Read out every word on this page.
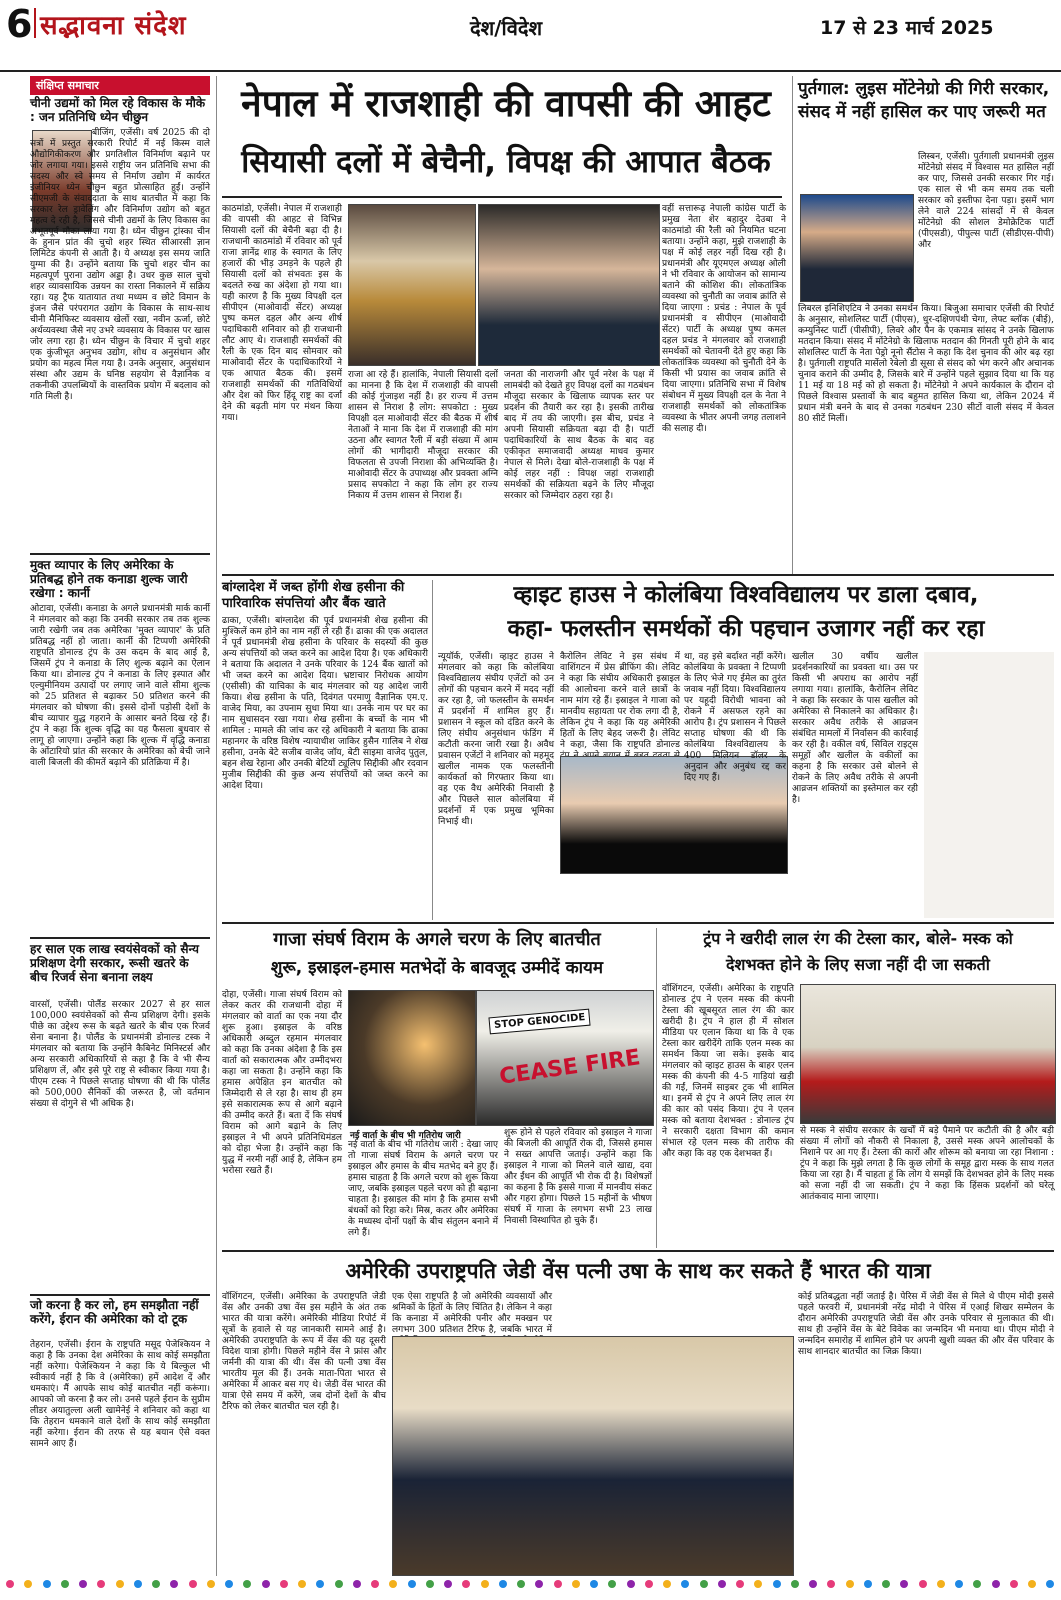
6 सद्भावना संदेश	देश/विदेश	17 से 23 मार्च 2025
संक्षिप्त समाचार
चीनी उद्यमों को मिल रहे विकास के मौके : जन प्रतिनिधि ध्येन चीछुन
बीजिंग, एजेंसी। वर्ष 2025 की दो सत्रों में प्रस्तुत सरकारी रिपोर्ट में नई किस्म वाले औद्योगिकीकरण और प्रगतिशील विनिर्माण बढ़ाने पर जोर लगाया गया। इससे राष्ट्रीय जन प्रतिनिधि सभा की सदस्य और स्वे समय से निर्माण उद्योग में कार्यरत इंजीनियर ध्येन चीछुन बहुत प्रोत्साहित हुईं। उन्होंने सीएमजी के संवाददाता के साथ बातचीत में कहा कि सरकार रेल ड्रावेलिंग और विनिर्माण उद्योग को बहुत महत्व दे रही है, जिससे चीनी उद्यमों के लिए विकास का अभूतपूर्व मौका लाया गया है। ध्येन चीछुन ट्रांस्का चीन के हुनान प्रांत की चुचो शहर स्थित सीआरसी ज्ञान लिमिटेड कंपनी से आती है। ये अध्यक्ष इस समय जाति युग्मा की है। उन्होंने बताया कि चुचो शहर चीन का महत्वपूर्ण पुराना उद्योग अड्डा है। उधर कुछ साल चुचो शहर व्यावसायिक उन्नयन का रास्ता निकालने में सक्रिय रहा। यह ट्रैफ यातायात तथा मध्यम व छोटे विमान के इंजन जैसे परंपरागत उद्योग के विकास के साथ-साथ चीनी मैनिफिस्ट व्यवसाय खेलों रखा, नवीन ऊर्जा, छोटे अर्थव्यवस्था जैसे नए उभरे व्यवसाय के विकास पर खास जोर लगा रहा है। ध्येन चीछुन के विचार में चुचो शहर एक कुंजीभूत अनुभव उद्योग, शोध व अनुसंधान और प्रयोग का महत्व मिल गया है। उनके अनुसार, अनुसंधान संस्था और उद्यम के घनिष्ठ सहयोग से वैज्ञानिक व तकनीकी उपलब्धियों के वास्तविक प्रयोग में बदलाव को गति मिली है।
मुक्त व्यापार के लिए अमेरिका के प्रतिबद्ध होने तक कनाडा शुल्क जारी रखेगा : कार्नी
ओटावा, एजेंसी। कनाडा के अगले प्रधानमंत्री मार्क कार्नी ने मंगलवार को कहा कि उनकी सरकार तब तक शुल्क जारी रखेगी जब तक अमेरिका 'मुक्त व्यापार' के प्रति प्रतिबद्ध नहीं हो जाता। कार्नी की टिप्पणी अमेरिकी राष्ट्रपति डोनाल्ड ट्रंप के उस कदम के बाद आई है, जिसमें ट्रंप ने कनाडा के लिए शुल्क बढ़ाने का ऐलान किया था। डोनाल्ड ट्रंप ने कनाडा के लिए इस्पात और एल्युमीनियम उत्पादों पर लगाए जाने वाले सीमा शुल्क को 25 प्रतिशत से बढ़ाकर 50 प्रतिशत करने की मंगलवार को घोषणा की। इससे दोनों पड़ोसी देशों के बीच व्यापार युद्ध गहराने के आसार बनते दिख रहे हैं। ट्रंप ने कहा कि शुल्क वृद्धि का यह फैसला बुधवार से लागू हो जाएगा। उन्होंने कहा कि शुल्क में वृद्धि कनाडा के ओंटारियो प्रांत की सरकार के अमेरिका को बेची जाने वाली बिजली की कीमतें बढ़ाने की प्रतिक्रिया में है।
हर साल एक लाख स्वयंसेवकों को सैन्य प्रशिक्षण देगी सरकार, रूसी खतरे के बीच रिजर्व सेना बनाना लक्ष्य
वारसॉ, एजेंसी। पोलैंड सरकार 2027 से हर साल 100,000 स्वयंसेवकों को सैन्य प्रशिक्षण देगी। इसके पीछे का उद्देश्य रूस के बढ़ते खतरे के बीच एक रिजर्व सेना बनाना है। पोलैंड के प्रधानमंत्री डोनाल्ड टस्क ने मंगलवार को बताया कि उन्होंने कैबिनेट मिनिस्टर्स और अन्य सरकारी अधिकारियों से कहा है कि वे भी सैन्य प्रशिक्षण लें, और इसे पूरे राष्ट्र से स्वीकार किया गया है। पीएम टस्क ने पिछले सप्ताह घोषणा की थी कि पोलैंड को 500,000 सैनिकों की जरूरत है, जो वर्तमान संख्या से दोगुने से भी अधिक है।
जो करना है कर लो, हम समझौता नहीं करेंगे, ईरान की अमेरिका को दो टूक
तेहरान, एजेंसी। ईरान के राष्ट्रपति मसूद पेजेश्कियन ने कहा है कि उनका देश अमेरिका के साथ कोई समझौता नहीं करेगा। पेजेश्कियन ने कहा कि ये बिल्कुल भी स्वीकार्य नहीं है कि वे (अमेरिका) हमें आदेश दें और धमकाएं। मैं आपके साथ कोई बातचीत नहीं करूंगा। आपको जो करना है कर लो। उनसे पहले ईरान के सुप्रीम लीडर अयातुल्ला अली खामेनेई ने शनिवार को कहा था कि तेहरान धमकाने वाले देशों के साथ कोई समझौता नहीं करेगा। ईरान की तरफ से यह बयान ऐसे वक्त सामने आए हैं।
नेपाल में राजशाही की वापसी की आहट
सियासी दलों में बेचैनी, विपक्ष की आपात बैठक
काठमांडो, एजेंसी। नेपाल में राजशाही की वापसी की आहट से विभिन्न सियासी दलों की बेचैनी बढ़ा दी है। राजधानी काठमांडो में रविवार को पूर्व राजा ज्ञानेंद्र शाह के स्वागत के लिए हजारों की भीड़ उमड़ने के पहले ही सियासी दलों को संभवतः इस के बदलते रुख का अंदेशा हो गया था। यही कारण है कि मुख्य विपक्षी दल सीपीएन (माओवादी सेंटर) अध्यक्ष पुष्प कमल दहल और अन्य शीर्ष पदाधिकारी शनिवार को ही राजधानी लौट आए थे। राजशाही समर्थकों की रैली के एक दिन बाद सोमवार को माओवादी सेंटर के पदाधिकारियों ने एक आपात बैठक की। इसमें राजशाही समर्थकों की गतिविधियों और देश को फिर हिंदू राष्ट्र का दर्जा देने की बढ़ती मांग पर मंथन किया गया।
राजा आ रहे हैं। हालांकि, नेपाली सियासी दलों का मानना है कि देश में राजशाही की वापसी की कोई गुंजाइश नहीं है। हर राज्य में उत्तम शासन से निराश है लोग: सपकोटा : मुख्य विपक्षी दल माओवादी सेंटर की बैठक में शीर्ष नेताओं ने माना कि देश में राजशाही की मांग उठना और स्वागत रैली में बड़ी संख्या में आम लोगों की भागीदारी मौजूदा सरकार की विफलता से उपजी निराशा की अभिव्यक्ति है। माओवादी सेंटर के उपाध्यक्ष और प्रवक्ता अग्नि प्रसाद सपकोटा ने कहा कि लोग हर राज्य निकाय में उत्तम शासन से निराश हैं।
जनता की नाराजगी और पूर्व नरेश के पक्ष में लामबंदी को देखते हुए विपक्ष दलों का गठबंधन मौजूदा सरकार के खिलाफ व्यापक स्तर पर प्रदर्शन की तैयारी कर रहा है। इसकी तारीख बाद में तय की जाएगी। इस बीच, प्रचंड ने अपनी सियासी सक्रियता बढ़ा दी है। पार्टी पदाधिकारियों के साथ बैठक के बाद वह एकीकृत समाजवादी अध्यक्ष माधव कुमार नेपाल से मिले। देखा बोले-राजशाही के पक्ष में कोई लहर नहीं : विपक्ष जहां राजशाही समर्थकों की सक्रियता बढ़ने के लिए मौजूदा सरकार को जिम्मेदार ठहरा रहा है।
वहीं सत्तारूढ़ नेपाली कांग्रेस पार्टी के प्रमुख नेता शेर बहादुर देउबा ने काठमांडो की रैली को नियमित घटना बताया। उन्होंने कहा, मुझे राजशाही के पक्ष में कोई लहर नहीं दिख रही है। प्रधानमंत्री और यूएमएल अध्यक्ष ओली ने भी रविवार के आयोजन को सामान्य बताने की कोशिश की। लोकतांत्रिक व्यवस्था को चुनौती का जवाब क्रांति से दिया जाएगा : प्रचंड : नेपाल के पूर्व प्रधानमंत्री व सीपीएन (माओवादी सेंटर) पार्टी के अध्यक्ष पुष्प कमल दहल प्रचंड ने मंगलवार को राजशाही समर्थकों को चेतावनी देते हुए कहा कि लोकतांत्रिक व्यवस्था को चुनौती देने के किसी भी प्रयास का जवाब क्रांति से दिया जाएगा। प्रतिनिधि सभा में विशेष संबोधन में मुख्य विपक्षी दल के नेता ने राजशाही समर्थकों को लोकतांत्रिक व्यवस्था के भीतर अपनी जगह तलाशने की सलाह दी।
पुर्तगाल: लुइस मोंटेनेग्रो की गिरी सरकार, संसद में नहीं हासिल कर पाए जरूरी मत
लिस्बन, एजेंसी। पुर्तगाली प्रधानमंत्री लुइस मोंटेनेग्रो संसद में विश्वास मत हासिल नहीं कर पाए, जिससे उनकी सरकार गिर गई। एक साल से भी कम समय तक चली सरकार को इस्तीफा देना पड़ा। इसमें भाग लेने वाले 224 सांसदों में से केवल मोंटेनेग्रो की सोशल डेमोक्रेटिक पार्टी (पीएसडी), पीपुल्स पार्टी (सीडीएस-पीपी) और
लिबरल इनिशिएटिव ने उनका समर्थन किया। बिजुआ समाचार एजेंसी की रिपोर्ट के अनुसार, सोशलिस्ट पार्टी (पीएस), धुर-दक्षिणपंथी चेगा, लेफ्ट ब्लॉक (बीई), कम्युनिस्ट पार्टी (पीसीपी), लिवरे और पैन के एकमात्र सांसद ने उनके खिलाफ मतदान किया। संसद में मोंटेनेग्रो के खिलाफ मतदान की गिनती पूरी होने के बाद सोशलिस्ट पार्टी के नेता पेड्रो नूनो सैंटोस ने कहा कि देश चुनाव की ओर बढ़ रहा है। पुर्तगाली राष्ट्रपति मार्सेलो रेबेलो डी सूसा से संसद को भंग करने और अचानक चुनाव कराने की उम्मीद है, जिसके बारे में उन्होंने पहले सुझाव दिया था कि यह 11 मई या 18 मई को हो सकता है। मोंटेनेग्रो ने अपने कार्यकाल के दौरान दो पिछले विश्वास प्रस्तावों के बाद बहुमत हासिल किया था, लेकिन 2024 में प्रधान मंत्री बनने के बाद से उनका गठबंधन 230 सीटों वाली संसद में केवल 80 सीटें मिलीं।
बांग्लादेश में जब्त होंगी शेख हसीना की पारिवारिक संपत्तियां और बैंक खाते
ढाका, एजेंसी। बांग्लादेश की पूर्व प्रधानमंत्री शेख हसीना की मुश्किलें कम होने का नाम नहीं ले रही हैं। ढाका की एक अदालत ने पूर्व प्रधानमंत्री शेख हसीना के परिवार के सदस्यों की कुछ अन्य संपत्तियों को जब्त करने का आदेश दिया है। एक अधिकारी ने बताया कि अदालत ने उनके परिवार के 124 बैंक खातों को भी जब्त करने का आदेश दिया। भ्रष्टाचार निरोधक आयोग (एसीसी) की याचिका के बाद मंगलवार को यह आदेश जारी किया। शेख हसीना के पति, दिवंगत परमाणु वैज्ञानिक एम.ए. वाजेद मिया, का उपनाम सुधा मिया था। उनके नाम पर घर का नाम सुधासदन रखा गया। शेख हसीना के बच्चों के नाम भी शामिल : मामले की जांच कर रहे अधिकारी ने बताया कि ढाका महानगर के वरिष्ठ विशेष न्यायाधीश जाकिर हुसैन गालिब ने शेख हसीना, उनके बेटे सजीब वाजेद जॉय, बेटी साइमा वाजेद पुतुल, बहन शेख रेहाना और उनकी बेटियों ट्यूलिप सिद्दीकी और रदवान मुजीब सिद्दीकी की कुछ अन्य संपत्तियों को जब्त करने का आदेश दिया।
व्हाइट हाउस ने कोलंबिया विश्वविद्यालय पर डाला दबाव,
कहा- फलस्तीन समर्थकों की पहचान उजागर नहीं कर रहा
न्यूयॉर्क, एजेंसी। व्हाइट हाउस ने मंगलवार को कहा कि कोलंबिया विश्वविद्यालय संघीय एजेंटों को उन लोगों की पहचान करने में मदद नहीं कर रहा है, जो फलस्तीन के समर्थन में प्रदर्शनों में शामिल हुए हैं। प्रशासन ने स्कूल को दंडित करने के लिए संघीय अनुसंधान फंडिंग में कटौती करना जारी रखा है। अवैध प्रवासन एजेंटों ने शनिवार को महमूद खलील नामक एक फलस्तीनी कार्यकर्ता को गिरफ्तार किया था। वह एक वैध अमेरिकी निवासी है और पिछले साल कोलंबिया में प्रदर्शनों में एक प्रमुख भूमिका निभाई थी।
कैरोलिन लेविट ने इस संबंध में वाशिंगटन में प्रेस ब्रीफिंग की। लेविट ने कहा कि संघीय अधिकारी इस्राइल की आलोचना करने वाले छात्रों के नाम मांग रहे हैं। इस्राइल ने गाजा को मानवीय सहायता पर रोक लगा दी है, लेकिन ट्रंप ने कहा कि यह अमेरिकी हितों के लिए बेहद जरूरी है। लेविट ने कहा, जैसा कि राष्ट्रपति डोनाल्ड
था, वह इसे बर्दाश्त नहीं करेंगे। कोलंबिया के प्रवक्ता ने टिप्पणी के लिए भेजे गए ईमेल का तुरंत जवाब नहीं दिया। विश्वविद्यालय पर यहूदी विरोधी भावना को रोकने में असफल रहने का आरोप है। ट्रंप प्रशासन ने पिछले सप्ताह घोषणा की थी कि कोलंबिया विश्वविद्यालय के 400 मिलियन डॉलर के अनुदान और अनुबंध रद्द कर दिए गए हैं।
खलील 30 वर्षीय खलील प्रदर्शनकारियों का प्रवक्ता था। उस पर किसी भी अपराध का आरोप नहीं लगाया गया। हालांकि, कैरोलिन लेविट ने कहा कि सरकार के पास खलील को अमेरिका से निकालने का अधिकार है। सरकार अवैध तरीके से आव्रजन संबंधित मामलों में निर्वासन की कार्रवाई कर रही है। वकील वर्ष, सिविल राइट्स समूहों और खलील के वकीलों का कहना है कि सरकार उसे बोलने से रोकने के लिए अवैध तरीके से अपनी आव्रजन शक्तियों का इस्तेमाल कर रही है।
गाजा संघर्ष विराम के अगले चरण के लिए बातचीत
शुरू, इस्राइल-हमास मतभेदों के बावजूद उम्मीदें कायम
दोहा, एजेंसी। गाजा संघर्ष विराम को लेकर कतर की राजधानी दोहा में मंगलवार को वार्ता का एक नया दौर शुरू हुआ। इस्राइल के वरिष्ठ अधिकारी अब्दुल रहमान मंगलवार को कहा कि उनका अंदेशा है कि इस वार्ता को सकारात्मक और उम्मीदभरा कहा जा सकता है। उन्होंने कहा कि हमास अपेक्षित इन बातचीत को जिम्मेदारी से ले रहा है। साथ ही हम इसे सकारात्मक रूप से आगे बढ़ाने की उम्मीद करते हैं। बता दें कि संघर्ष विराम को आगे बढ़ाने के लिए इस्राइल ने भी अपने प्रतिनिधिमंडल को दोहा भेजा है। उन्होंने कहा कि युद्ध में नरमी नहीं आई है, लेकिन हम भरोसा रखते हैं।
STOP GENOCIDE
CEASE FIRE
नई वार्ता के बीच भी गतिरोध जारी
नई वार्ता के बीच भी गतिरोध जारी : देखा जाए तो गाजा संघर्ष विराम के अगले चरण पर इस्राइल और हमास के बीच मतभेद बने हुए हैं। हमास चाहता है कि अगले चरण को शुरू किया जाए, जबकि इस्राइल पहले चरण को ही बढ़ाना चाहता है। इस्राइल की मांग है कि हमास सभी बंधकों को रिहा करे। मिस्र, कतर और अमेरिका के मध्यस्थ दोनों पक्षों के बीच संतुलन बनाने में लगे हैं।
शुरू होने से पहले रविवार को इस्राइल ने गाजा की बिजली की आपूर्ति रोक दी, जिससे हमास ने सख्त आपत्ति जताई। उन्होंने कहा कि इस्राइल ने गाजा को मिलने वाले खाद्य, दवा और ईंधन की आपूर्ति भी रोक दी है। विशेषज्ञों का कहना है कि इससे गाजा में मानवीय संकट और गहरा होगा। पिछले 15 महीनों के भीषण संघर्ष में गाजा के लगभग सभी 23 लाख निवासी विस्थापित हो चुके हैं।
ट्रंप ने खरीदी लाल रंग की टेस्ला कार, बोले- मस्क को
देशभक्त होने के लिए सजा नहीं दी जा सकती
वॉशिंगटन, एजेंसी। अमेरिका के राष्ट्रपति डोनाल्ड ट्रंप ने एलन मस्क की कंपनी टेस्ला की खूबसूरत लाल रंग की कार खरीदी है। ट्रंप ने हाल ही में सोशल मीडिया पर एलान किया था कि वे एक टेस्ला कार खरीदेंगे ताकि एलन मस्क का समर्थन किया जा सके। इसके बाद मंगलवार को व्हाइट हाउस के बाहर एलन मस्क की कंपनी की 4-5 गाड़ियां खड़ी की गईं, जिनमें साइबर ट्रक भी शामिल था। इनमें से ट्रंप ने अपने लिए लाल रंग की कार को पसंद किया। ट्रंप ने एलन मस्क को बताया देशभक्त : डोनाल्ड ट्रंप ने सरकारी दक्षता विभाग की कमान संभाल रहे एलन मस्क की तारीफ की और कहा कि वह एक देशभक्त हैं।
से मस्क ने संघीय सरकार के खर्चों में बड़े पैमाने पर कटौती की है और बड़ी संख्या में लोगों को नौकरी से निकाला है, उससे मस्क अपने आलोचकों के निशाने पर आ गए हैं। टेस्ला की कारों और शोरूम को बनाया जा रहा निशाना : ट्रंप ने कहा कि मुझे लगता है कि कुछ लोगों के समूह द्वारा मस्क के साथ गलत किया जा रहा है। मैं चाहता हूं कि लोग ये समझें कि देशभक्त होने के लिए मस्क को सजा नहीं दी जा सकती। ट्रंप ने कहा कि हिंसक प्रदर्शनों को घरेलू आतंकवाद माना जाएगा।
अमेरिकी उपराष्ट्रपति जेडी वेंस पत्नी उषा के साथ कर सकते हैं भारत की यात्रा
वॉशिंगटन, एजेंसी। अमेरिका के उपराष्ट्रपति जेडी वेंस और उनकी उषा वेंस इस महीने के अंत तक भारत की यात्रा करेंगे। अमेरिकी मीडिया रिपोर्ट में सूत्रों के हवाले से यह जानकारी सामने आई है। अमेरिकी उपराष्ट्रपति के रूप में वेंस की यह दूसरी विदेश यात्रा होगी। पिछले महीने वेंस ने फ्रांस और जर्मनी की यात्रा की थी। वेंस की पत्नी उषा वेंस भारतीय मूल की हैं। उनके माता-पिता भारत से अमेरिका में आकर बस गए थे। जेडी वेंस भारत की यात्रा ऐसे समय में करेंगे, जब दोनों देशों के बीच टैरिफ को लेकर बातचीत चल रही है।
एक ऐसा राष्ट्रपति है जो अमेरिकी व्यवसायों और श्रमिकों के हितों के लिए चिंतित है। लेकिन ने कहा कि कनाडा में अमेरिकी पनीर और मक्खन पर लगभग 300 प्रतिशत टैरिफ है, जबकि भारत में
कोई प्रतिबद्धता नहीं जताई है। पेरिस में जेडी वेंस से मिले थे पीएम मोदी इससे पहले फरवरी में, प्रधानमंत्री नरेंद्र मोदी ने पेरिस में एआई शिखर सम्मेलन के दौरान अमेरिकी उपराष्ट्रपति जेडी वेंस और उनके परिवार से मुलाकात की थी। साथ ही उन्होंने वेंस के बेटे विवेक का जन्मदिन भी मनाया था। पीएम मोदी ने जन्मदिन समारोह में शामिल होने पर अपनी खुशी व्यक्त की और वेंस परिवार के साथ शानदार बातचीत का जिक्र किया।
